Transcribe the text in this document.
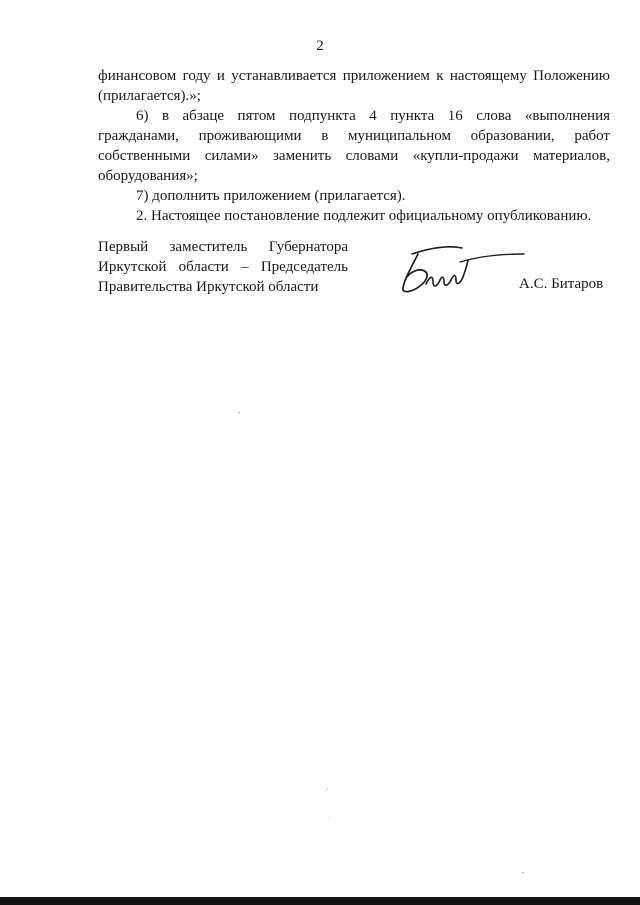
2
финансовом году и устанавливается приложением к настоящему Положению
(прилагается).»;
6) в абзаце пятом подпункта 4 пункта 16 слова «выполнения
гражданами, проживающими в муниципальном образовании, работ
собственными силами» заменить словами «купли-продажи материалов,
оборудования»;
7) дополнить приложением (прилагается).
2. Настоящее постановление подлежит официальному опубликованию.
Первый заместитель Губернатора
Иркутской области – Председатель
Правительства Иркутской области	А.С. Битаров
